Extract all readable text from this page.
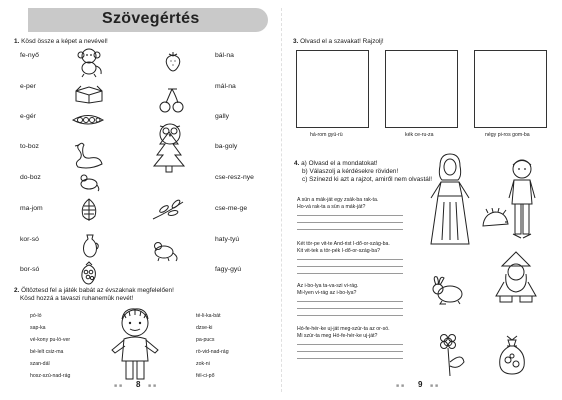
Szövegértés
1. Kösd össze a képet a nevével!
fe-nyő
e-per
e-gér
to-boz
do-boz
ma-jom
kor-só
bor-só
bál-na
mál-na
gally
ba-goly
cse-resz-nye
cse-me-ge
haty-tyú
fagy-gyú
2. Öltöztesd fel a játék babát az évszaknak megfelelően!
Kösd hozzá a tavaszi ruhanemûk nevét!
pó-ló
sap-ka
vé-kony pu-ló-ver
bé-lelt csiz-ma
szan-dál
hosz-szú-nad-rág
té-li-ka-bát
dzse-ki
pa-pucs
rö-vid-nad-rág
zok-ni
fél-ci-pő
■■ 8 ■■
3. Olvasd el a szavakat! Rajzolj!
há-rom gyü-rü	kék ce-ru-za	négy pi-ros gom-ba
4. a) Olvasd el a mondatokat!
b) Válaszolj a kérdésekre röviden!
c) Színezd ki azt a rajzot, amiről nem olvastál!
A sün a mák-ját egy zsák-ba rak-ta.
Ho-vá rak-ta a sün a mák-ját?
Két tör-pe vit-te And-rist I-dő-or-szág-ba.
Kit vit-tek a tör-pék I-dő-or-szág-ba?
Az i-bo-lya ta-va-szi vi-rág.
Mi-lyen vi-rág az i-bo-lya?
Hó-fe-hér-ke uj-ját meg-szúr-ta az or-só.
Mi szúr-ta meg Hó-fe-hér-ke uj-ját?
■■ 9 ■■
